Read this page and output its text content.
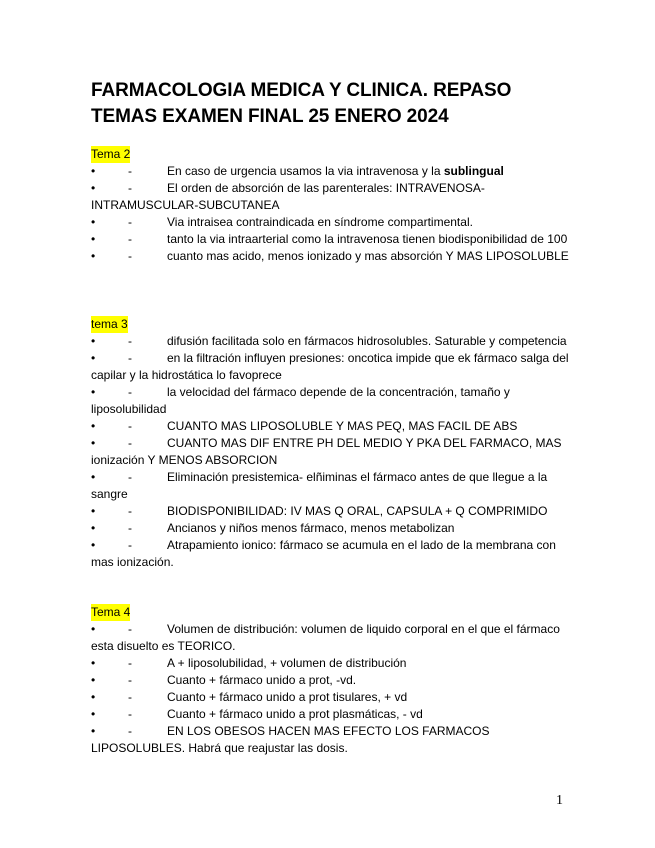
FARMACOLOGIA MEDICA Y CLINICA. REPASO TEMAS EXAMEN FINAL 25 ENERO 2024
Tema 2
•	-	En caso de urgencia usamos la via intravenosa y la sublingual
•	-	El orden de absorción de las parenterales: INTRAVENOSA-INTRAMUSCULAR-SUBCUTANEA
•	-	Via intraisea contraindicada en síndrome compartimental.
•	-	tanto la via intraarterial como la intravenosa tienen biodisponibilidad de 100
•	-	cuanto mas acido, menos ionizado y mas absorción Y MAS LIPOSOLUBLE
tema 3
•	-	difusión facilitada solo en fármacos hidrosolubles. Saturable y competencia
•	-	en la filtración influyen presiones: oncotica impide que ek fármaco salga del capilar y la hidrostática lo favoprece
•	-	la velocidad del fármaco depende de la concentración, tamaño y liposolubilidad
•	-	CUANTO MAS LIPOSOLUBLE Y MAS PEQ, MAS FACIL DE ABS
•	-	CUANTO MAS DIF ENTRE PH DEL MEDIO Y PKA DEL FARMACO, MAS ionización Y MENOS ABSORCION
•	-	Eliminación presistemica- elñiminas el fármaco antes de que llegue a la sangre
•	-	BIODISPONIBILIDAD: IV MAS Q ORAL, CAPSULA + Q COMPRIMIDO
•	-	Ancianos y niños menos fármaco, menos metabolizan
•	-	Atrapamiento ionico: fármaco se acumula en el lado de la membrana con mas ionización.
Tema 4
•	-	Volumen de distribución: volumen de liquido corporal en el que el fármaco esta disuelto es TEORICO.
•	-	A + liposolubilidad, + volumen de distribución
•	-	Cuanto + fármaco unido a prot, -vd.
•	-	Cuanto + fármaco unido a prot tisulares, + vd
•	-	Cuanto + fármaco unido a prot plasmáticas, - vd
•	-	EN LOS OBESOS HACEN MAS EFECTO LOS FARMACOS LIPOSOLUBLES. Habrá que reajustar las dosis.
1
